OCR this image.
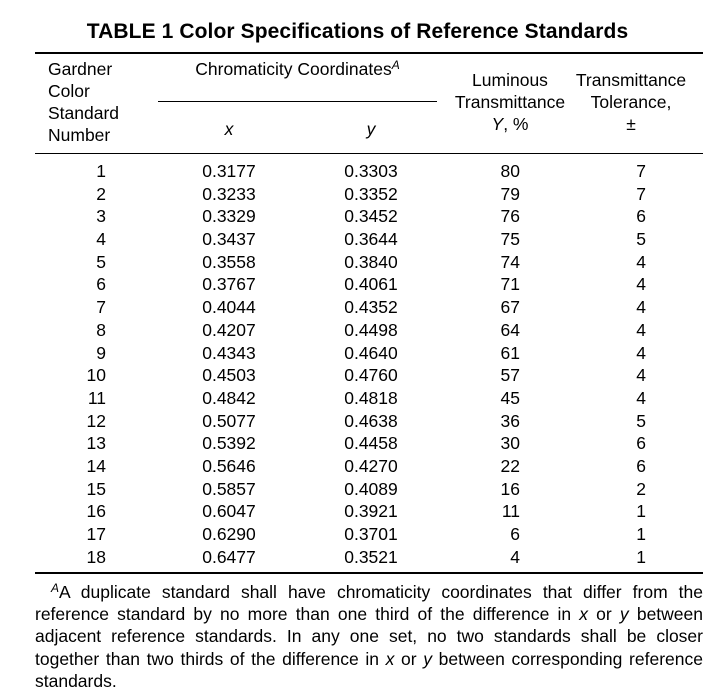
TABLE 1 Color Specifications of Reference Standards
Gardner
Color
Standard
Number
Chromaticity Coordinates$^A$
x	y
Luminous
Transmittance
Y, %
Transmittance
Tolerance,
±
1	0.3177	0.3303	80	7
2	0.3233	0.3352	79	7
3	0.3329	0.3452	76	6
4	0.3437	0.3644	75	5
5	0.3558	0.3840	74	4
6	0.3767	0.4061	71	4
7	0.4044	0.4352	67	4
8	0.4207	0.4498	64	4
9	0.4343	0.4640	61	4
10	0.4503	0.4760	57	4
11	0.4842	0.4818	45	4
12	0.5077	0.4638	36	5
13	0.5392	0.4458	30	6
14	0.5646	0.4270	22	6
15	0.5857	0.4089	16	2
16	0.6047	0.3921	11	1
17	0.6290	0.3701	6	1
18	0.6477	0.3521	4	1
$^A$A duplicate standard shall have chromaticity coordinates that differ from the reference standard by no more than one third of the difference in x or y between adjacent reference standards. In any one set, no two standards shall be closer together than two thirds of the difference in x or y between corresponding reference standards.
